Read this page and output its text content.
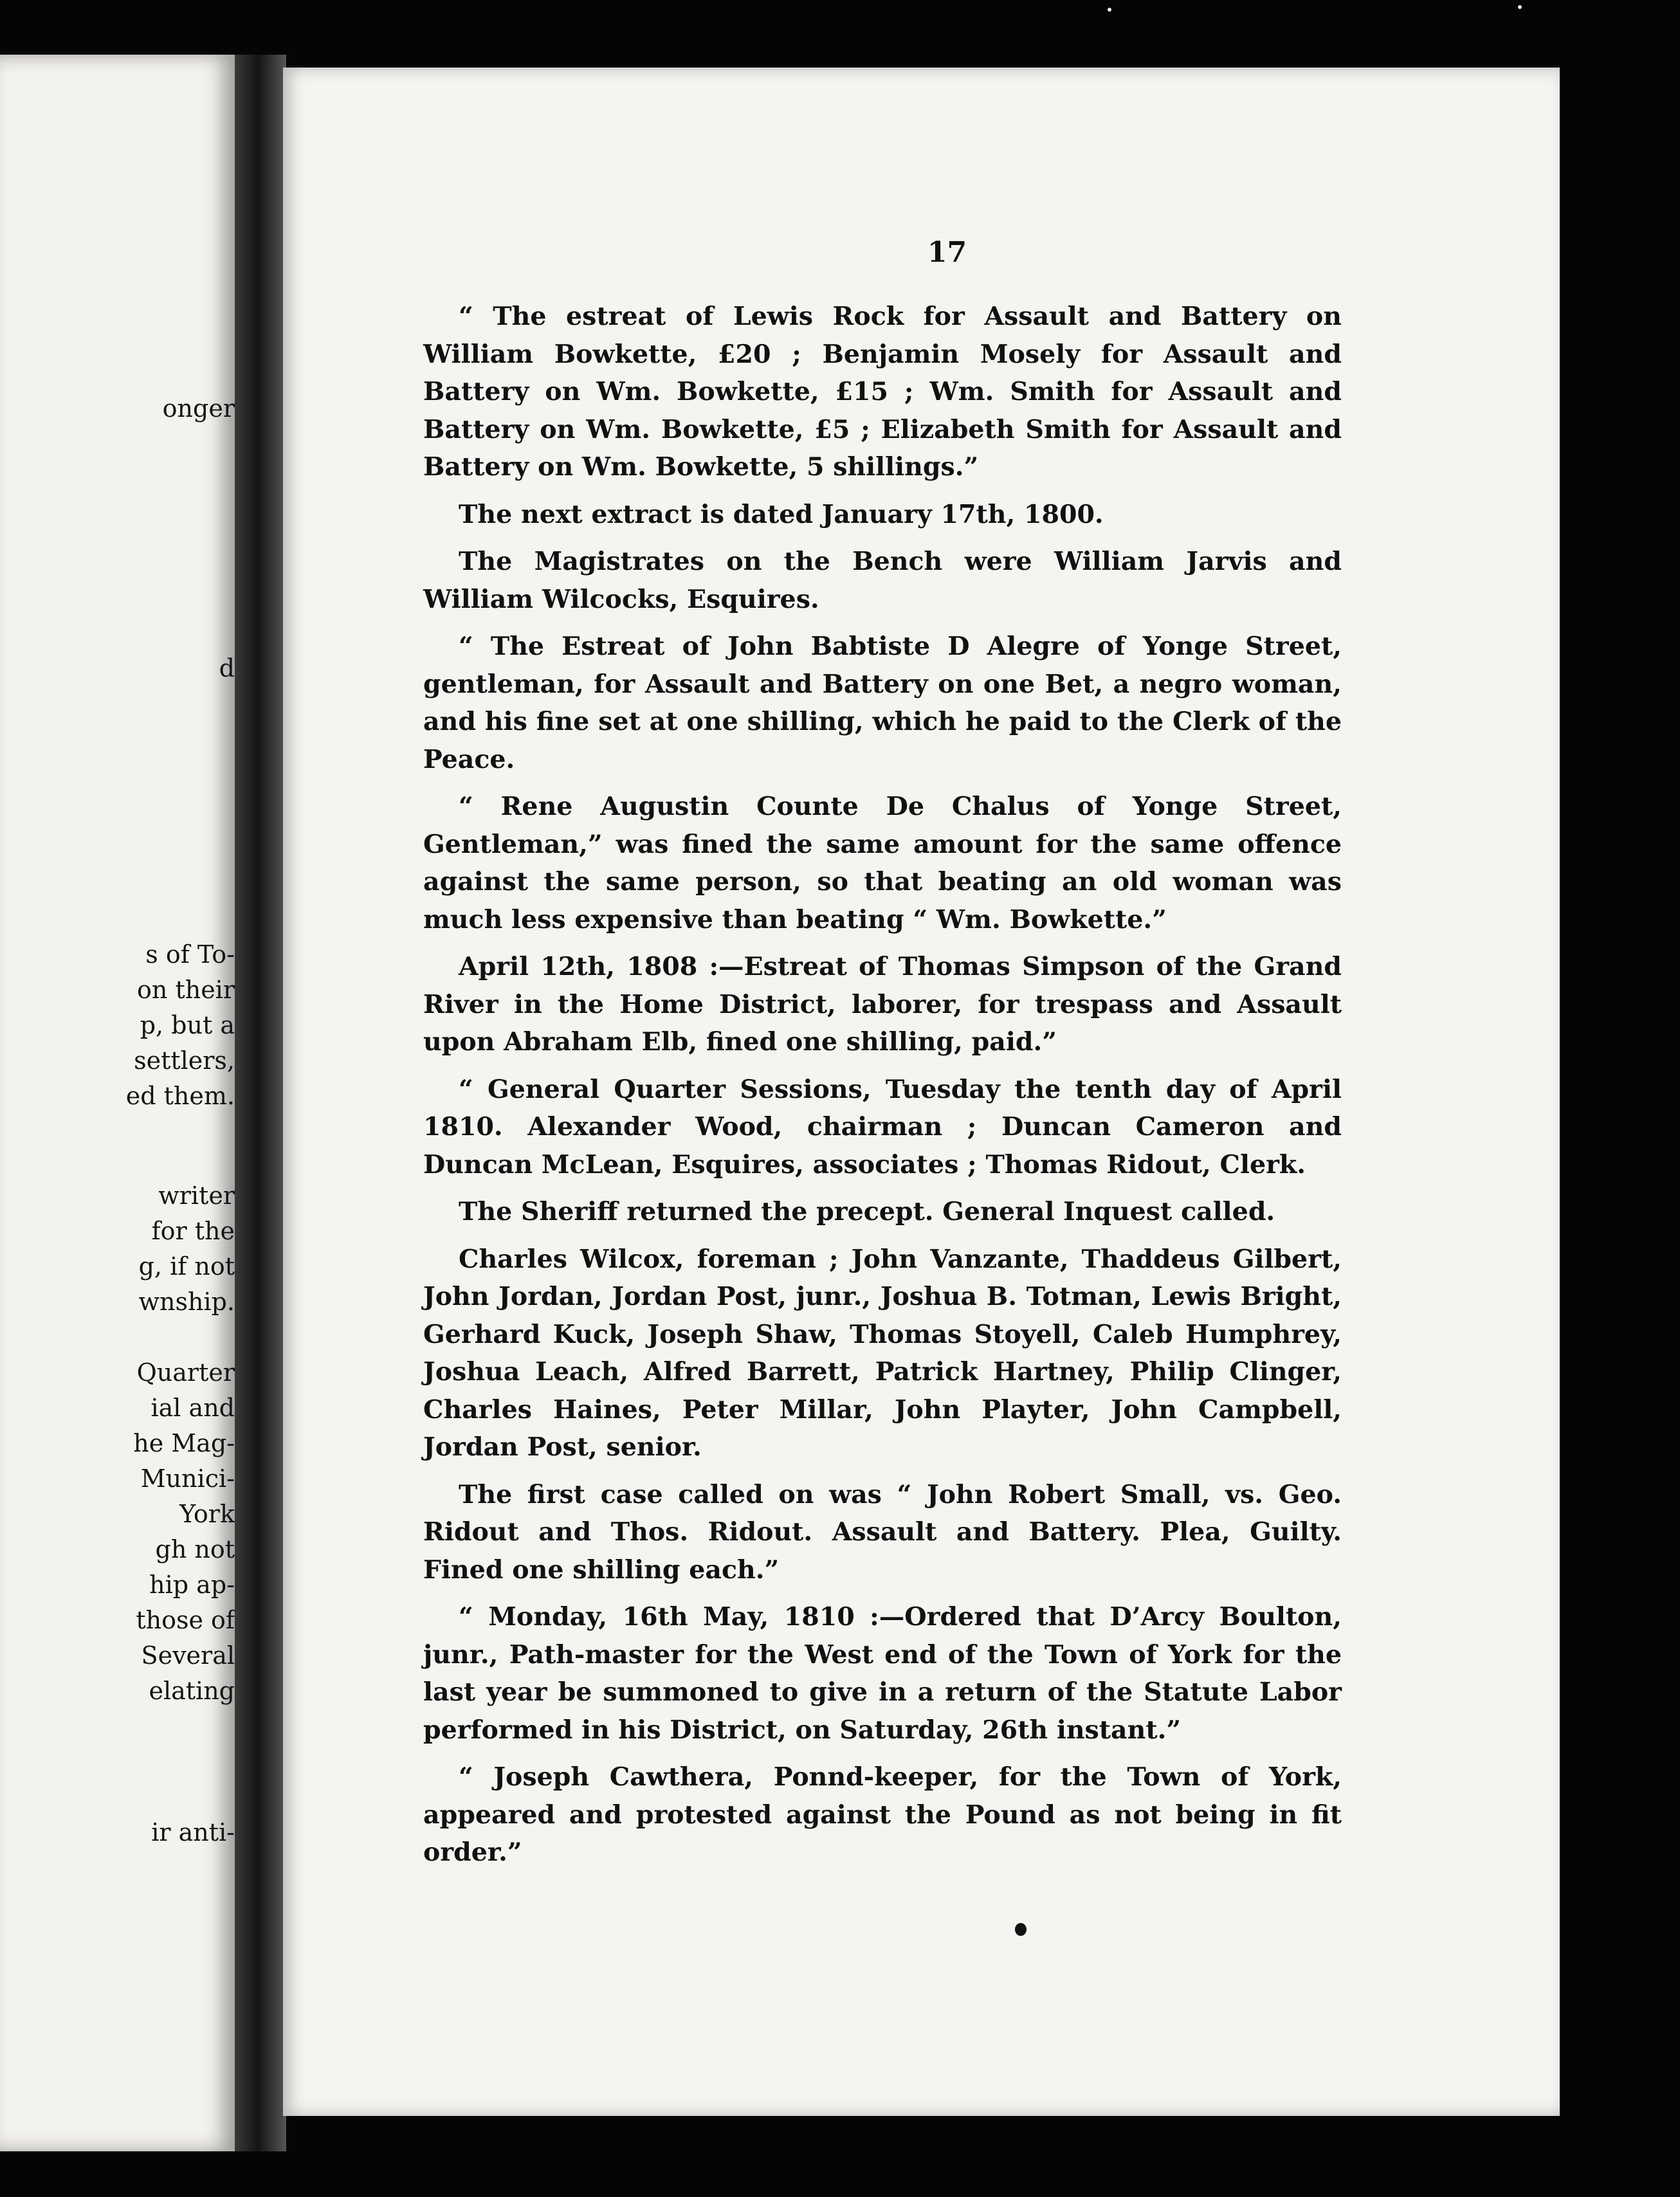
onger
d
s of To-
on their
p, but a
settlers,
ed them.
writer
for the
g, if not
wnship.
Quarter
ial and
he Mag-
Munici-
York
gh not
hip ap-
those of
Several
elating
ir anti-
17

“ The estreat of Lewis Rock for Assault and Battery on William Bowkette, £20 ; Benjamin Mosely for Assault and Battery on Wm. Bowkette, £15 ; Wm. Smith for Assault and Battery on Wm. Bowkette, £5 ; Elizabeth Smith for Assault and Battery on Wm. Bowkette, 5 shillings.”

The next extract is dated January 17th, 1800.

The Magistrates on the Bench were William Jarvis and William Wilcocks, Esquires.

“ The Estreat of John Babtiste D Alegre of Yonge Street, gentleman, for Assault and Battery on one Bet, a negro woman, and his fine set at one shilling, which he paid to the Clerk of the Peace.

“ Rene Augustin Counte De Chalus of Yonge Street, Gentleman,” was fined the same amount for the same offence against the same person, so that beating an old woman was much less expensive than beating “ Wm. Bowkette.”

April 12th, 1808 :—Estreat of Thomas Simpson of the Grand River in the Home District, laborer, for trespass and Assault upon Abraham Elb, fined one shilling, paid.”

“ General Quarter Sessions, Tuesday the tenth day of April 1810. Alexander Wood, chairman ; Duncan Cameron and Duncan McLean, Esquires, associates ; Thomas Ridout, Clerk.

The Sheriff returned the precept. General Inquest called.

Charles Wilcox, foreman ; John Vanzante, Thaddeus Gilbert, John Jordan, Jordan Post, junr., Joshua B. Totman, Lewis Bright, Gerhard Kuck, Joseph Shaw, Thomas Stoyell, Caleb Humphrey, Joshua Leach, Alfred Barrett, Patrick Hartney, Philip Clinger, Charles Haines, Peter Millar, John Playter, John Campbell, Jordan Post, senior.

The first case called on was “ John Robert Small, vs. Geo. Ridout and Thos. Ridout. Assault and Battery. Plea, Guilty. Fined one shilling each.”

“ Monday, 16th May, 1810 :—Ordered that D’Arcy Boulton, junr., Path-master for the West end of the Town of York for the last year be summoned to give in a return of the Statute Labor performed in his District, on Saturday, 26th instant.”

“ Joseph Cawthera, Ponnd-keeper, for the Town of York, appeared and protested against the Pound as not being in fit order.”
